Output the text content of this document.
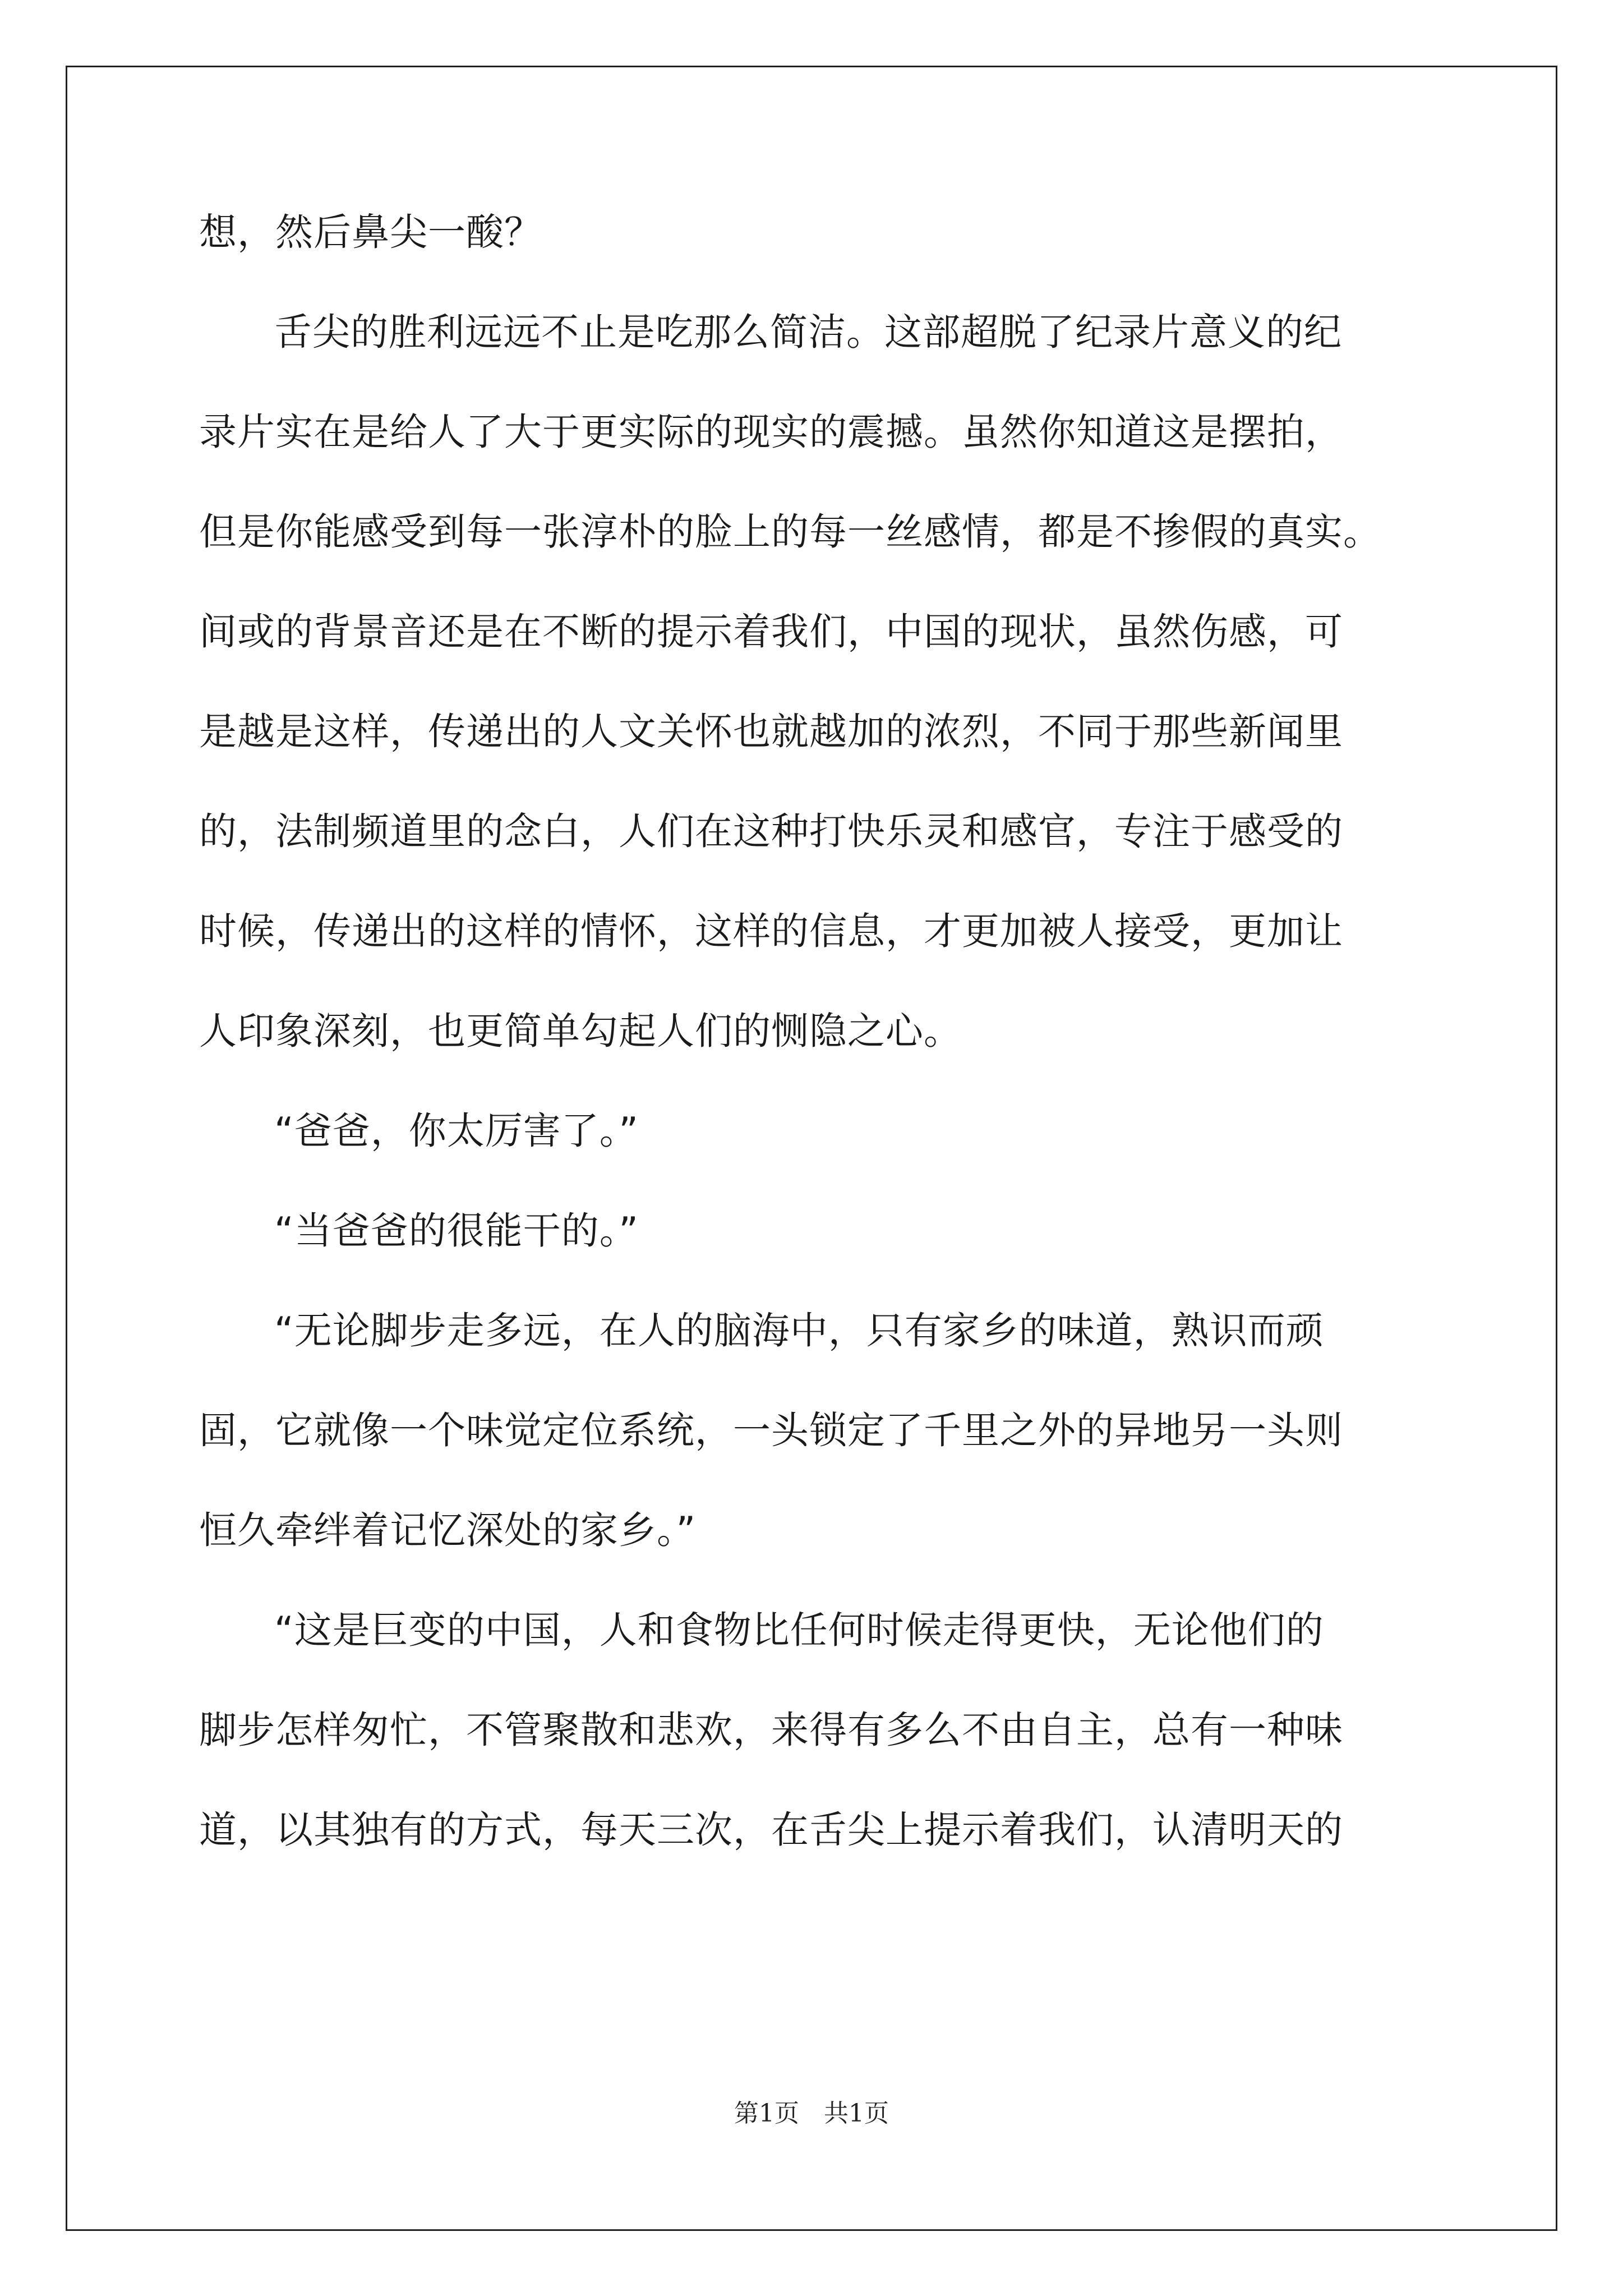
想，然后鼻尖一酸？
舌尖的胜利远远不止是吃那么简洁。这部超脱了纪录片意义的纪
录片实在是给人了大于更实际的现实的震撼。虽然你知道这是摆拍，
但是你能感受到每一张淳朴的脸上的每一丝感情，都是不掺假的真实。
间或的背景音还是在不断的提示着我们，中国的现状，虽然伤感，可
是越是这样，传递出的人文关怀也就越加的浓烈，不同于那些新闻里
的，法制频道里的念白，人们在这种打快乐灵和感官，专注于感受的
时候，传递出的这样的情怀，这样的信息，才更加被人接受，更加让
人印象深刻，也更简单勾起人们的恻隐之心。
“爸爸，你太厉害了。”
“当爸爸的很能干的。”
“无论脚步走多远，在人的脑海中，只有家乡的味道，熟识而顽
固，它就像一个味觉定位系统，一头锁定了千里之外的异地另一头则
恒久牵绊着记忆深处的家乡。”
“这是巨变的中国，人和食物比任何时候走得更快，无论他们的
脚步怎样匆忙，不管聚散和悲欢，来得有多么不由自主，总有一种味
道，以其独有的方式，每天三次，在舌尖上提示着我们，认清明天的
第1页　共1页
